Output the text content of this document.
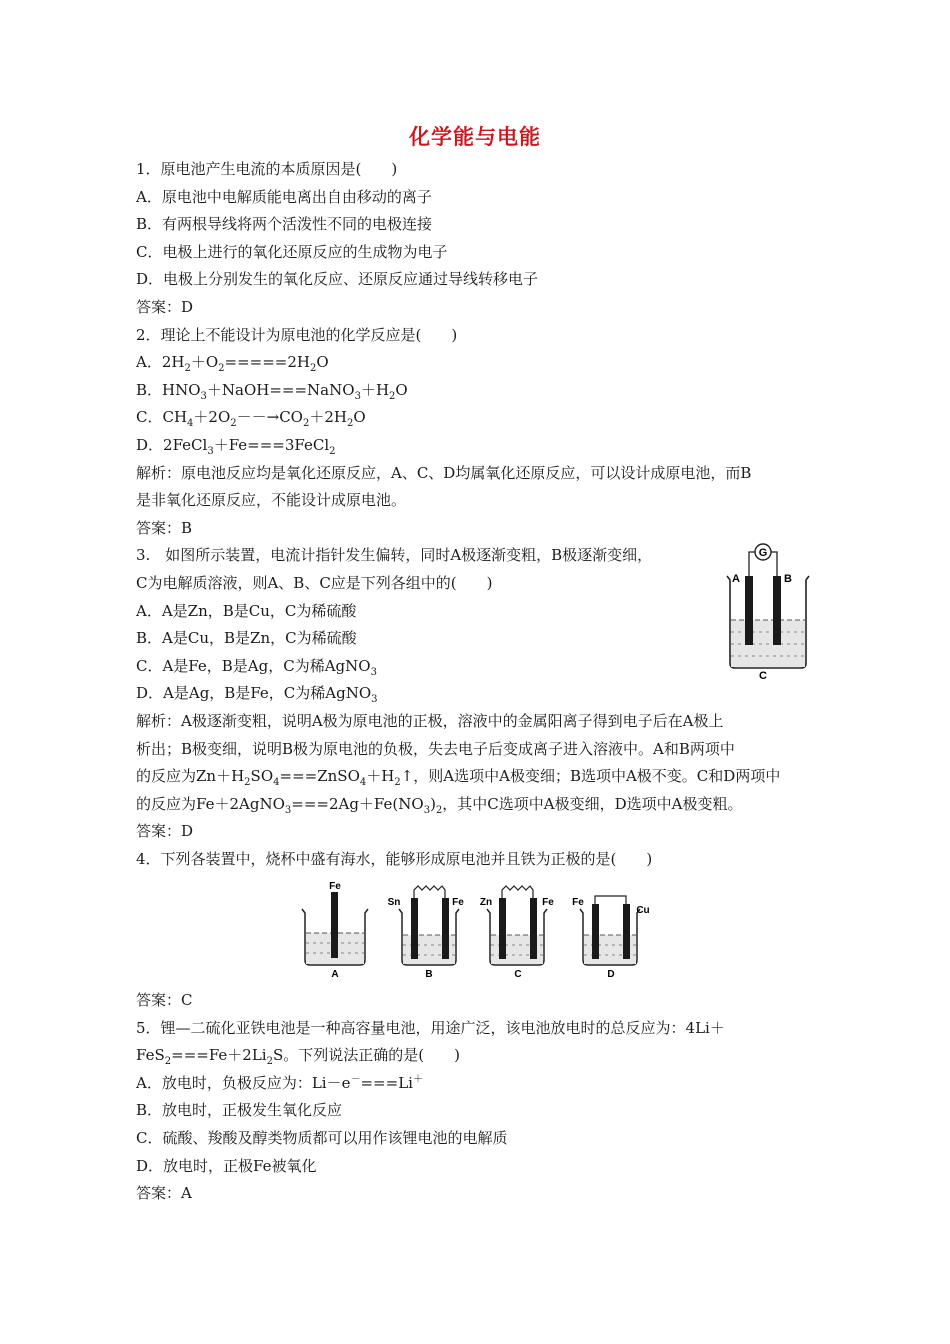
化学能与电能
1．原电池产生电流的本质原因是(　　)
A．原电池中电解质能电离出自由移动的离子
B．有两根导线将两个活泼性不同的电极连接
C．电极上进行的氧化还原反应的生成物为电子
D．电极上分别发生的氧化反应、还原反应通过导线转移电子
答案：D
2．理论上不能设计为原电池的化学反应是(　　)
A．$2H_2+O_2=====2H_2O$
B．$HNO_3+NaOH===NaNO_3+H_2O$
C．$CH_4+2O_2--\to CO_2+2H_2O$
D．2FeCl$_3$＋Fe===3FeCl$_2$
解析：原电池反应均是氧化还原反应，A、C、D均属氧化还原反应，可以设计成原电池，而B
是非氧化还原反应，不能设计成原电池。
答案：B
3.　如图所示装置，电流计指针发生偏转，同时A极逐渐变粗，B极逐渐变细，
C为电解质溶液，则A、B、C应是下列各组中的(　　)
A．A是Zn，B是Cu，C为稀硫酸
B．A是Cu，B是Zn，C为稀硫酸
C．A是Fe，B是Ag，C为稀AgNO$_3$
D．A是Ag，B是Fe，C为稀AgNO$_3$
解析：A极逐渐变粗，说明A极为原电池的正极，溶液中的金属阳离子得到电子后在A极上
析出；B极变细，说明B极为原电池的负极，失去电子后变成离子进入溶液中。A和B两项中
的反应为$Zn+H_2SO_4===ZnSO_4+H_2↑$，则A选项中A极变细；B选项中A极不变。C和D两项中
的反应为$Fe+2AgNO_3===2Ag+Fe(NO_3)_2$，其中C选项中A极变细，D选项中A极变粗。
答案：D
G
A	B
C
4．下列各装置中，烧杯中盛有海水，能够形成原电池并且铁为正极的是(　　)
Fe
A
Sn	Fe
B
Zn	Fe
C
Fe
Cu
D
答案：C
5．锂—二硫化亚铁电池是一种高容量电池，用途广泛，该电池放电时的总反应为：4Li＋
$FeS_2===Fe+2Li_2S$。下列说法正确的是(　　)
A．放电时，负极反应为：Li－e－===Li＋
B．放电时，正极发生氧化反应
C．硫酸、羧酸及醇类物质都可以用作该锂电池的电解质
D．放电时，正极Fe被氧化
答案：A
